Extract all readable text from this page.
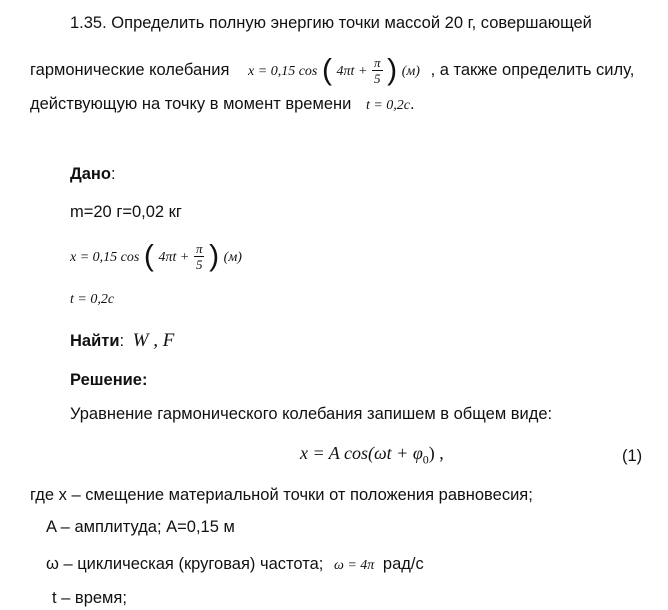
1.35. Определить полную энергию точки массой 20 г, совершающей
гармонические колебания x = 0,15 cos ( $4\pi t + \frac{\pi}{5}$ ) (м) , а также определить силу,
действующую на точку в момент времени t = 0,2c.
Дано:
m=20 г=0,02 кг
x = 0,15 cos ( $4\pi t + \frac{\pi}{5}$ ) (м)
t = 0,2c
Найти: W , F
Решение:
Уравнение гармонического колебания запишем в общем виде:
x = A $\cos(\omega t + \varphi_0)$ ,	(1)
где x – смещение материальной точки от положения равновесия;
A – амплитуда; A=0,15 м
ω – циклическая (круговая) частота; ω = 4π рад/с
t – время;
